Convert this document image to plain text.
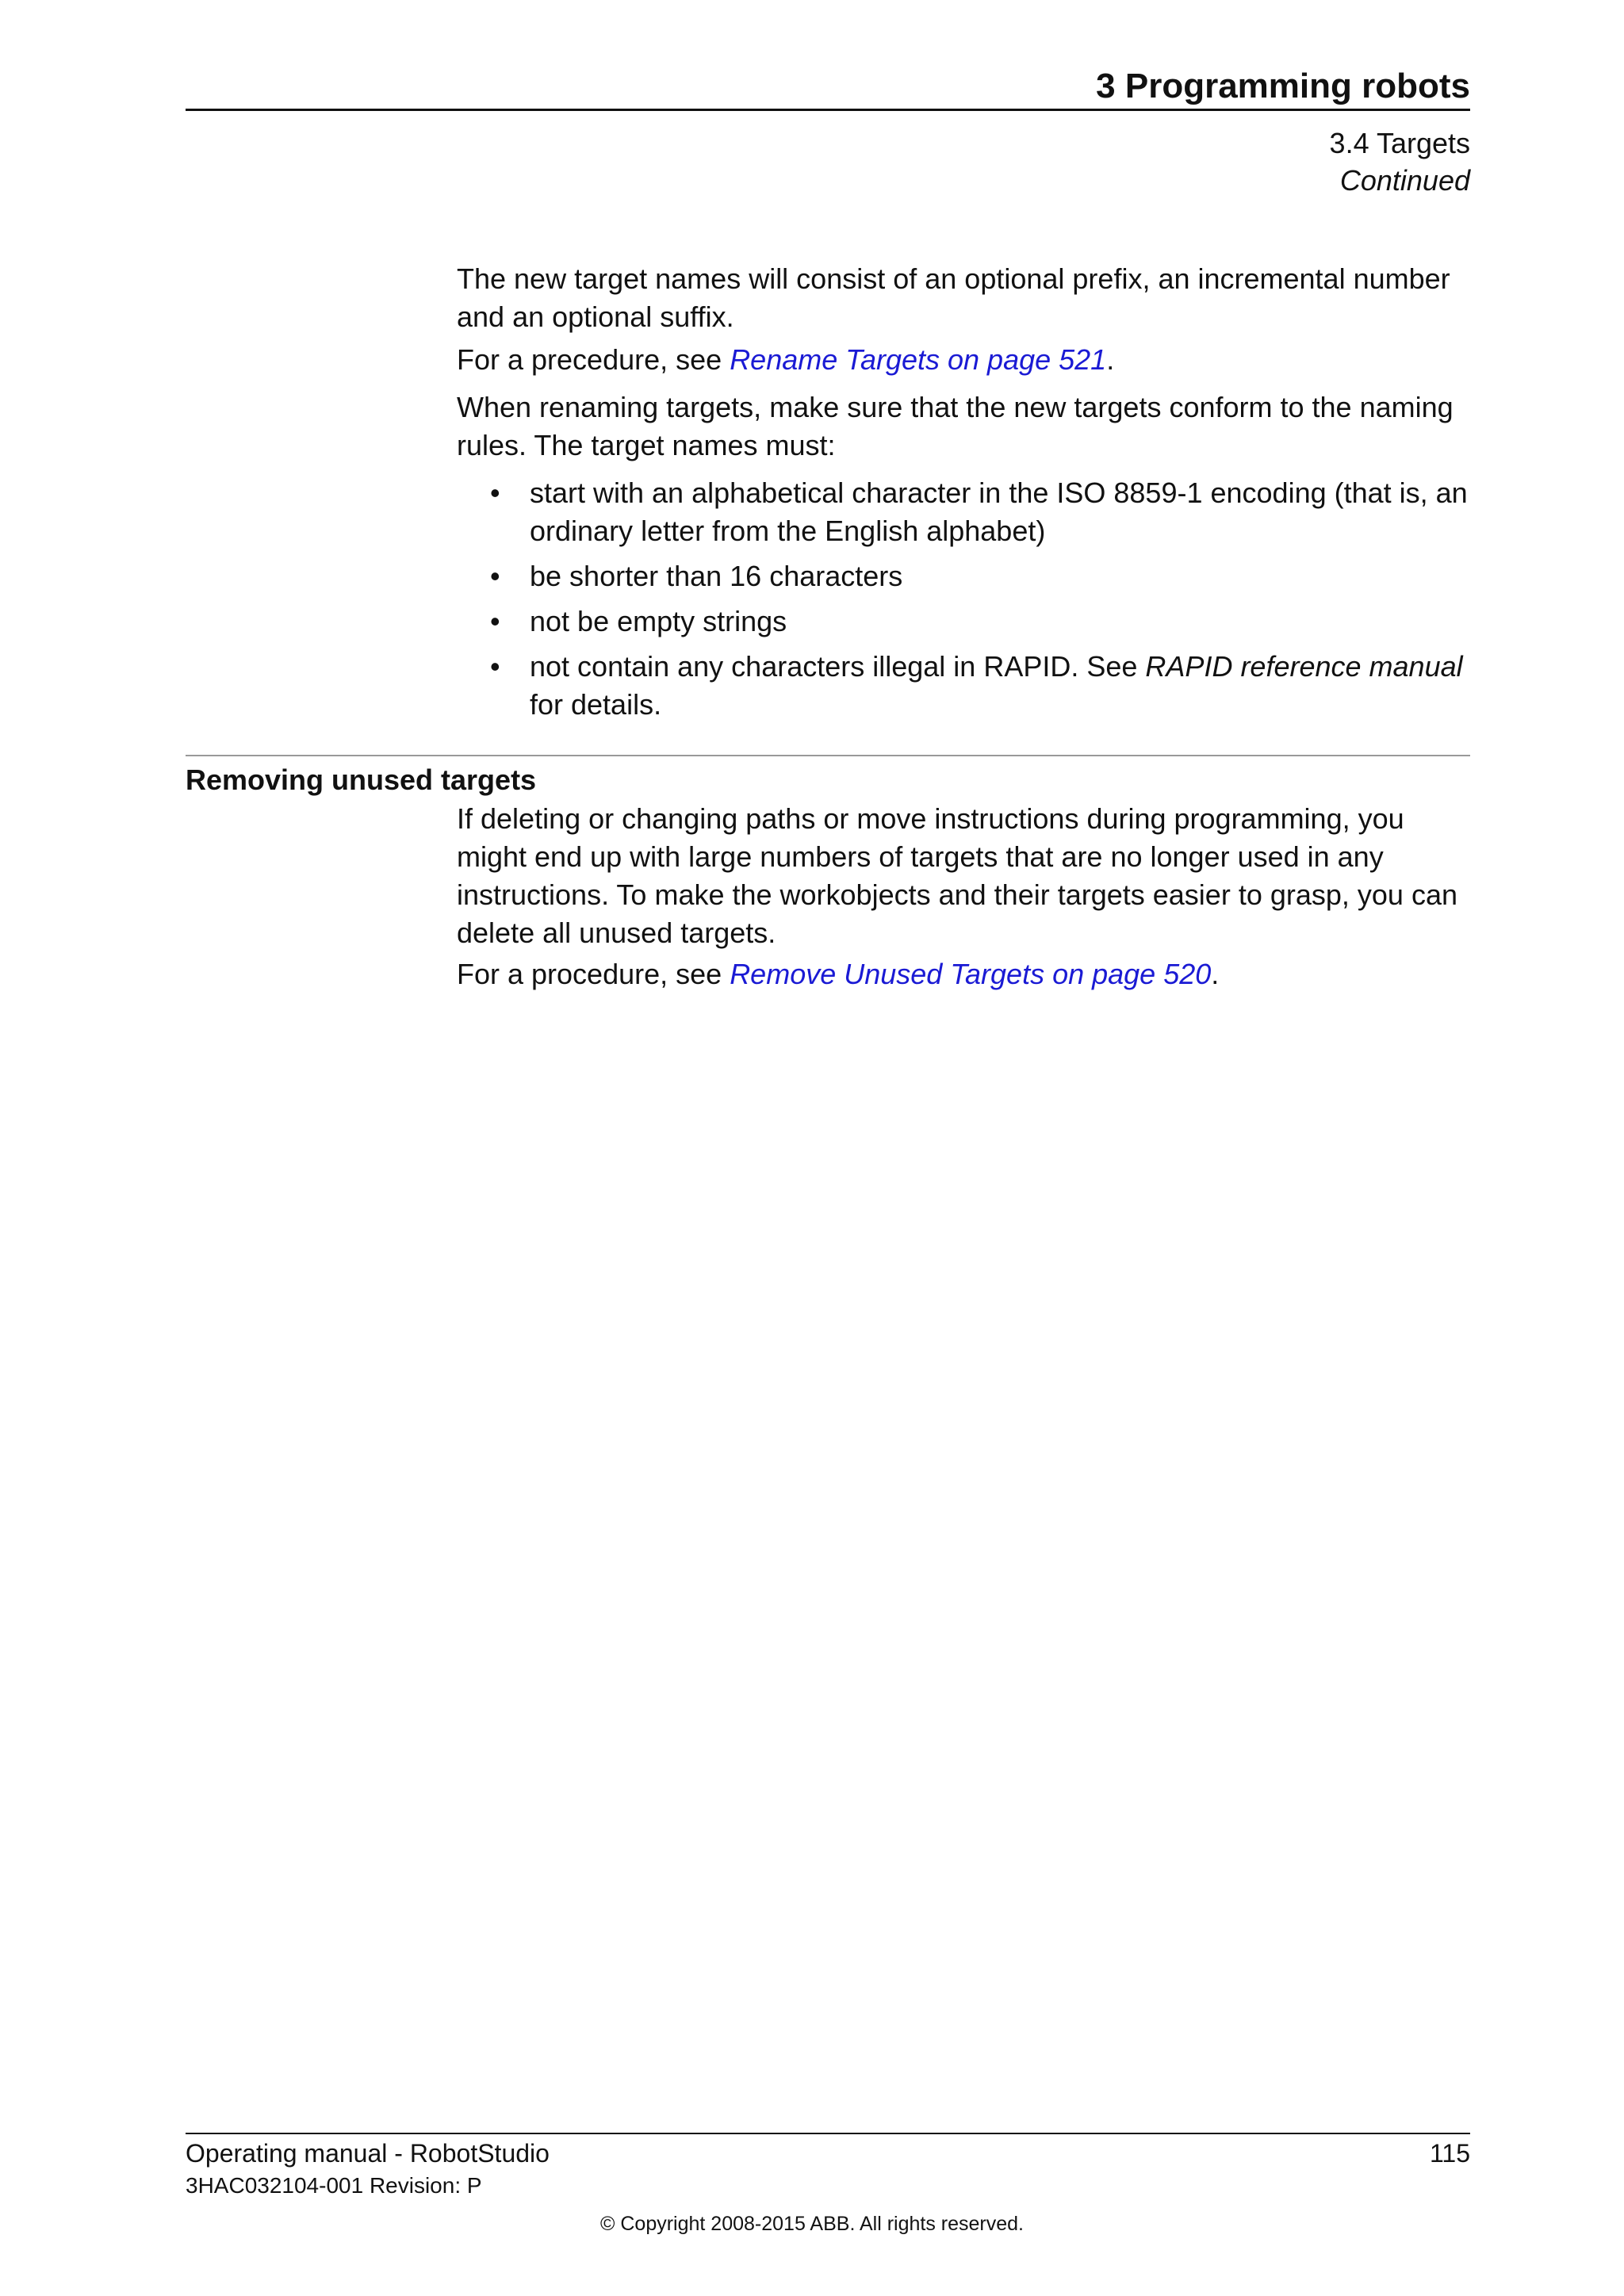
3 Programming robots
3.4 Targets
Continued

The new target names will consist of an optional prefix, an incremental number and an optional suffix.

For a precedure, see Rename Targets on page 521.

When renaming targets, make sure that the new targets conform to the naming rules. The target names must:

• start with an alphabetical character in the ISO 8859-1 encoding (that is, an ordinary letter from the English alphabet)

• be shorter than 16 characters

• not be empty strings

• not contain any characters illegal in RAPID. See RAPID reference manual for details.

Removing unused targets

If deleting or changing paths or move instructions during programming, you might end up with large numbers of targets that are no longer used in any instructions. To make the workobjects and their targets easier to grasp, you can delete all unused targets.

For a procedure, see Remove Unused Targets on page 520.

Operating manual - RobotStudio	115
3HAC032104-001 Revision: P
© Copyright 2008-2015 ABB. All rights reserved.
